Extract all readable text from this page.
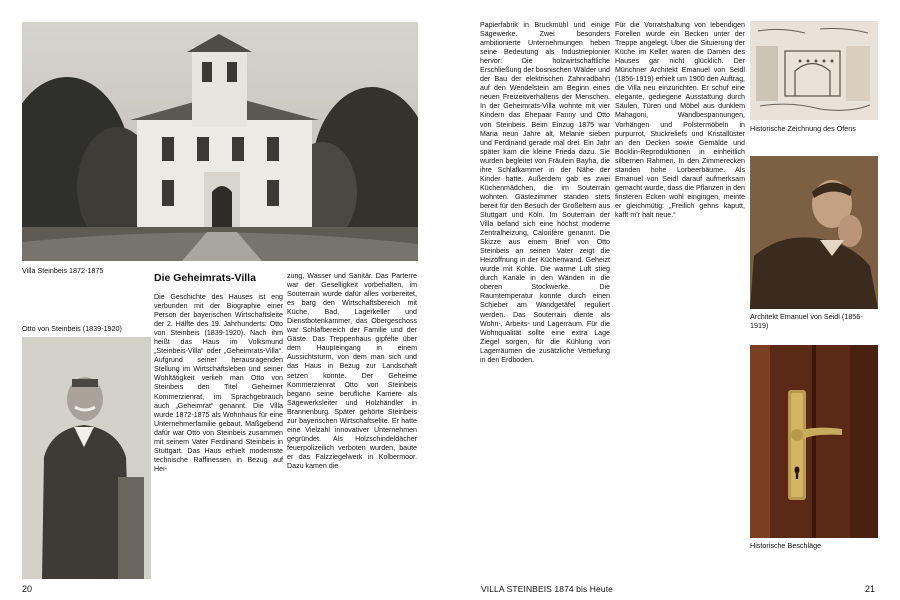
Villa Steinbeis 1872-1875
Die Geheimrats-Villa
Otto von Steinbeis (1839-1920)
Die Geschichte des Hauses ist eng verbunden mit der Biographie einer Person der bayerischen Wirtschaftsleite der 2. Hälfte des 19. Jahrhunderts: Otto von Steinbeis (1839-1920). Nach ihm heißt das Haus im Volksmund „Steinbeis-Villa“ oder „Geheimrats-Villa“. Aufgrund seiner herausragenden Stellung im Wirtschaftsleben und seiner Wohltätigkeit verlieh man Otto von Steinbeis den Titel Geheimer Kommerzienrat, im Sprachgebrauch auch „Geheimrat“ genannt. Die Villa wurde 1872-1875 als Wohnhaus für eine Unternehmerfamilie gebaut. Maßgebend dafür war Otto von Steinbeis zusammen mit seinem Vater Ferdinand Steinbeis in Stuttgart. Das Haus erhielt modernste technische Raffinessen in Bezug auf Hei-
zung, Wasser und Sanitär. Das Parterre war der Geselligkeit vorbehalten, im Souterrain wurde dafür alles vorbereitet, es barg den Wirtschaftsbereich mit Küche, Bad, Lagerkeller und Dienstbotenkammer, das Obergeschoss war Schlafbereich der Familie und der Gäste. Das Treppenhaus gipfelte über dem Haupteingang in einem Aussichtsturm, von dem man sich und das Haus in Bezug zur Landschaft setzen konnte. Der Geheime Kommerzienrat Otto von Steinbeis begann seine berufliche Karriere als Sägewerksleiter und Holzhändler in Brannenburg. Später gehörte Steinbeis zur bayerischen Wirtschaftselite. Er hatte eine Vielzahl innovativer Unternehmen gegründet. Als Holzschindeldächer feuerpolizeilich verboten wurden, baute er das Falzziegelwerk in Kolbermoor. Dazu kamen die
20
Papierfabrik in Bruckmühl und einige Sägewerke. Zwei besonders ambitionierte Unternehmungen heben seine Bedeutung als Industriepionier hervor: Die holzwirtschaftliche Erschließung der bosnischen Wälder und der Bau der elektrischen Zahnradbahn auf den Wendelstein am Beginn eines neuen Freizeitverhaltens der Menschen. In der Geheimrats-Villa wohnte mit vier Kindern das Ehepaar Fanny und Otto von Steinbeis. Beim Einzug 1875 war Maria neun Jahre alt, Melanie sieben und Ferdinand gerade mal drei. Ein Jahr später kam die kleine Frieda dazu. Sie wurden begleitet von Fräulein Bayha, die ihre Schlafkammer in der Nähe der Kinder hatte. Außerdem gab es zwei Küchenmädchen, die im Souterrain wohnten. Gästezimmer standen stets bereit für den Besuch der Großeltern aus Stuttgart und Köln. Im Souterrain der Villa befand sich eine höchst moderne Zentralheizung, Calorifère genannt. Die Skizze aus einem Brief von Otto Steinbeis an seinen Vater zeigt die Heizöffnung in der Küchenwand. Geheizt wurde mit Kohle. Die warme Luft stieg durch Kanäle in den Wänden in die oberen Stockwerke. Die Raumtemperatur konnte durch einen Schieber am Wandgetäfel reguliert werden. Das Souterrain diente als Wohn-, Arbeits- und Lagerraum. Für die Wohnqualität sollte eine extra Lage Ziegel sorgen, für die Kühlung von Lagerräumen die zusätzliche Vertiefung in den Erdboden.
Für die Vorratshaltung von lebendigen Forellen wurde ein Becken unter der Treppe angelegt. Über die Situierung der Küche im Keller waren die Damen des Hauses gar nicht glücklich. Der Münchner Architekt Emanuel von Seidl (1856-1919) erhielt um 1900 den Auftrag, die Villa neu einzurichten. Er schuf eine elegante, gediegene Ausstattung durch Säulen, Türen und Möbel aus dunklem Mahagoni, Wandbespannungen, Vorhängen und Polstermöbeln in purpurrot, Stuckreliefs und Kristallüster an den Decken sowie Gemälde und Böcklin-Reproduktionen in einheitlich silbernen Rahmen. In den Zimmerecken standen hohe Lorbeerbäume. Als Emanuel von Seidl darauf aufmerksam gemacht wurde, dass die Pflanzen in den finsteren Ecken wohl eingingen, meinte er gleichmütig: „Freilich gehns kaputt, kafft m’r halt neue.“
Historische Zeichnung des Ofens
Architekt Emanuel von Seidl (1856-1919)
Historische Beschläge
VILLA STEINBEIS 1874 bis Heute	21
